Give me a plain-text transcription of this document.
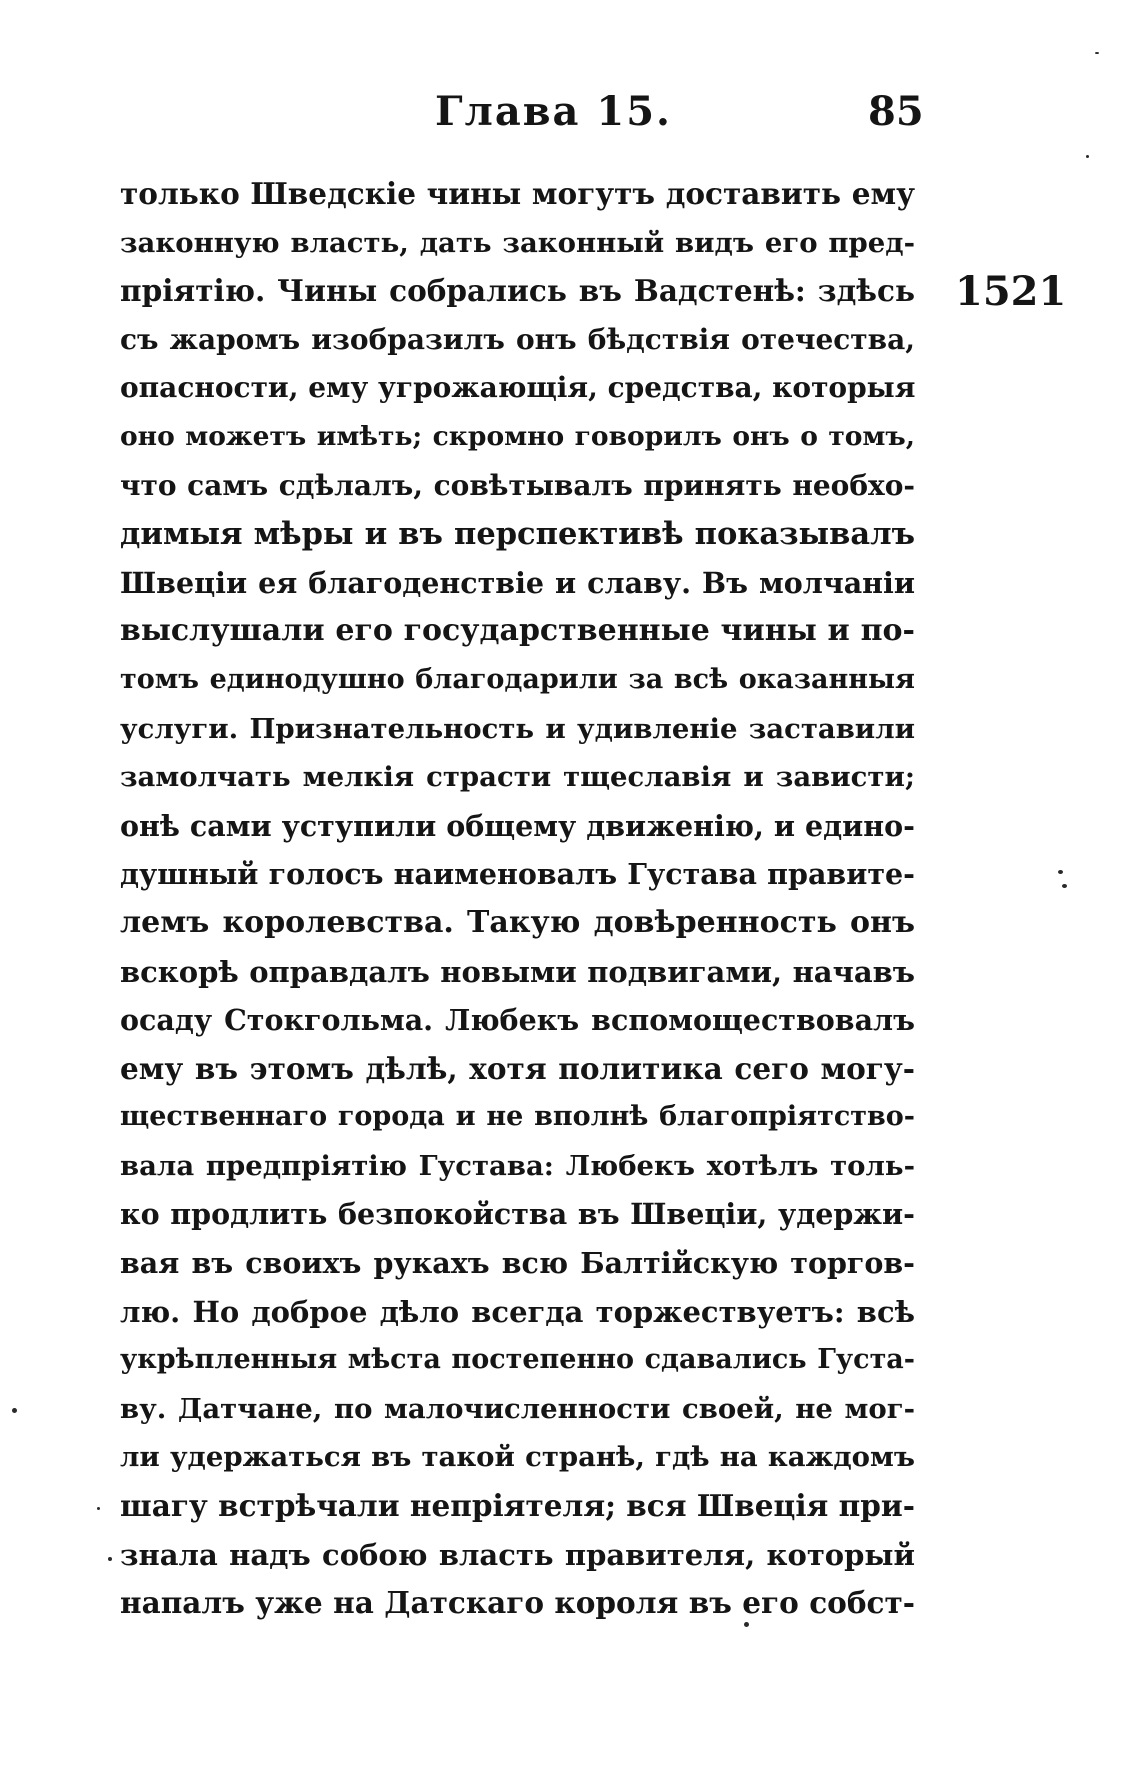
Глава 15.	85
1521
только Шведскіе чины могутъ доставить ему
законную власть, дать законный видъ его пред-
пріятію. Чины собрались въ Вадстенѣ: здѣсь
съ жаромъ изобразилъ онъ бѣдствія отечества,
опасности, ему угрожающія, средства, которыя
оно можетъ имѣть; скромно говорилъ онъ о томъ,
что самъ сдѣлалъ, совѣтывалъ принять необхо-
димыя мѣры и въ перспективѣ показывалъ
Швеціи ея благоденствіе и славу. Въ молчаніи
выслушали его государственные чины и по-
томъ единодушно благодарили за всѣ оказанныя
услуги. Признательность и удивленіе заставили
замолчать мелкія страсти тщеславія и зависти;
онѣ сами уступили общему движенію, и едино-
душный голосъ наименовалъ Густава правите-
лемъ королевства. Такую довѣренность онъ
вскорѣ оправдалъ новыми подвигами, начавъ
осаду Стокгольма. Любекъ вспомоществовалъ
ему въ этомъ дѣлѣ, хотя политика сего могу-
щественнаго города и не вполнѣ благопріятство-
вала предпріятію Густава: Любекъ хотѣлъ толь-
ко продлить безпокойства въ Швеціи, удержи-
вая въ своихъ рукахъ всю Балтійскую торгов-
лю. Но доброе дѣло всегда торжествуетъ: всѣ
укрѣпленныя мѣста постепенно сдавались Густа-
ву. Датчане, по малочисленности своей, не мог-
ли удержаться въ такой странѣ, гдѣ на каждомъ
шагу встрѣчали непріятеля; вся Швеція при-
знала надъ собою власть правителя, который
напалъ уже на Датскаго короля въ его собст-
